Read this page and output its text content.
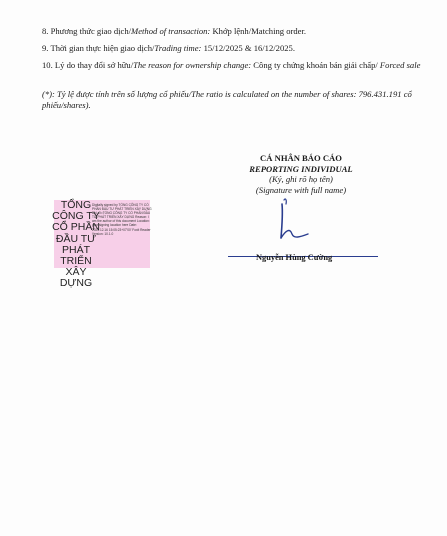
8. Phương thức giao dịch/Method of transaction: Khớp lệnh/Matching order.
9. Thời gian thực hiện giao dịch/Trading time: 15/12/2025 & 16/12/2025.
10. Lý do thay đổi sở hữu/The reason for ownership change: Công ty chứng khoán bán giải chấp/ Forced sale
(*): Tỷ lệ được tính trên số lượng cổ phiếu/The ratio is calculated on the number of shares: 796.431.191 cổ phiếu/shares).
CÁ NHÂN BÁO CÁO
REPORTING INDIVIDUAL
(Ký, ghi rõ họ tên)
(Signature with full name)
TỔNG
CÔNG TY
CỔ PHẦN
ĐẦU TƯ
PHÁT TRIỂN
XÂY DỰNG
Digitally signed by TỔNG CÔNG TY CỔ PHẦN ĐẦU TƯ PHÁT TRIỂN XÂY DỰNG DN: O=TỔNG CÔNG TY CỔ PHẦN ĐẦU TƯ PHÁT TRIỂN XÂY DỰNG Reason: I am the author of this document Location: your signing location here Date: 2025.12.16 15:05:23+07'00' Foxit Reader Version: 10.1.0
Nguyễn Hùng Cường
